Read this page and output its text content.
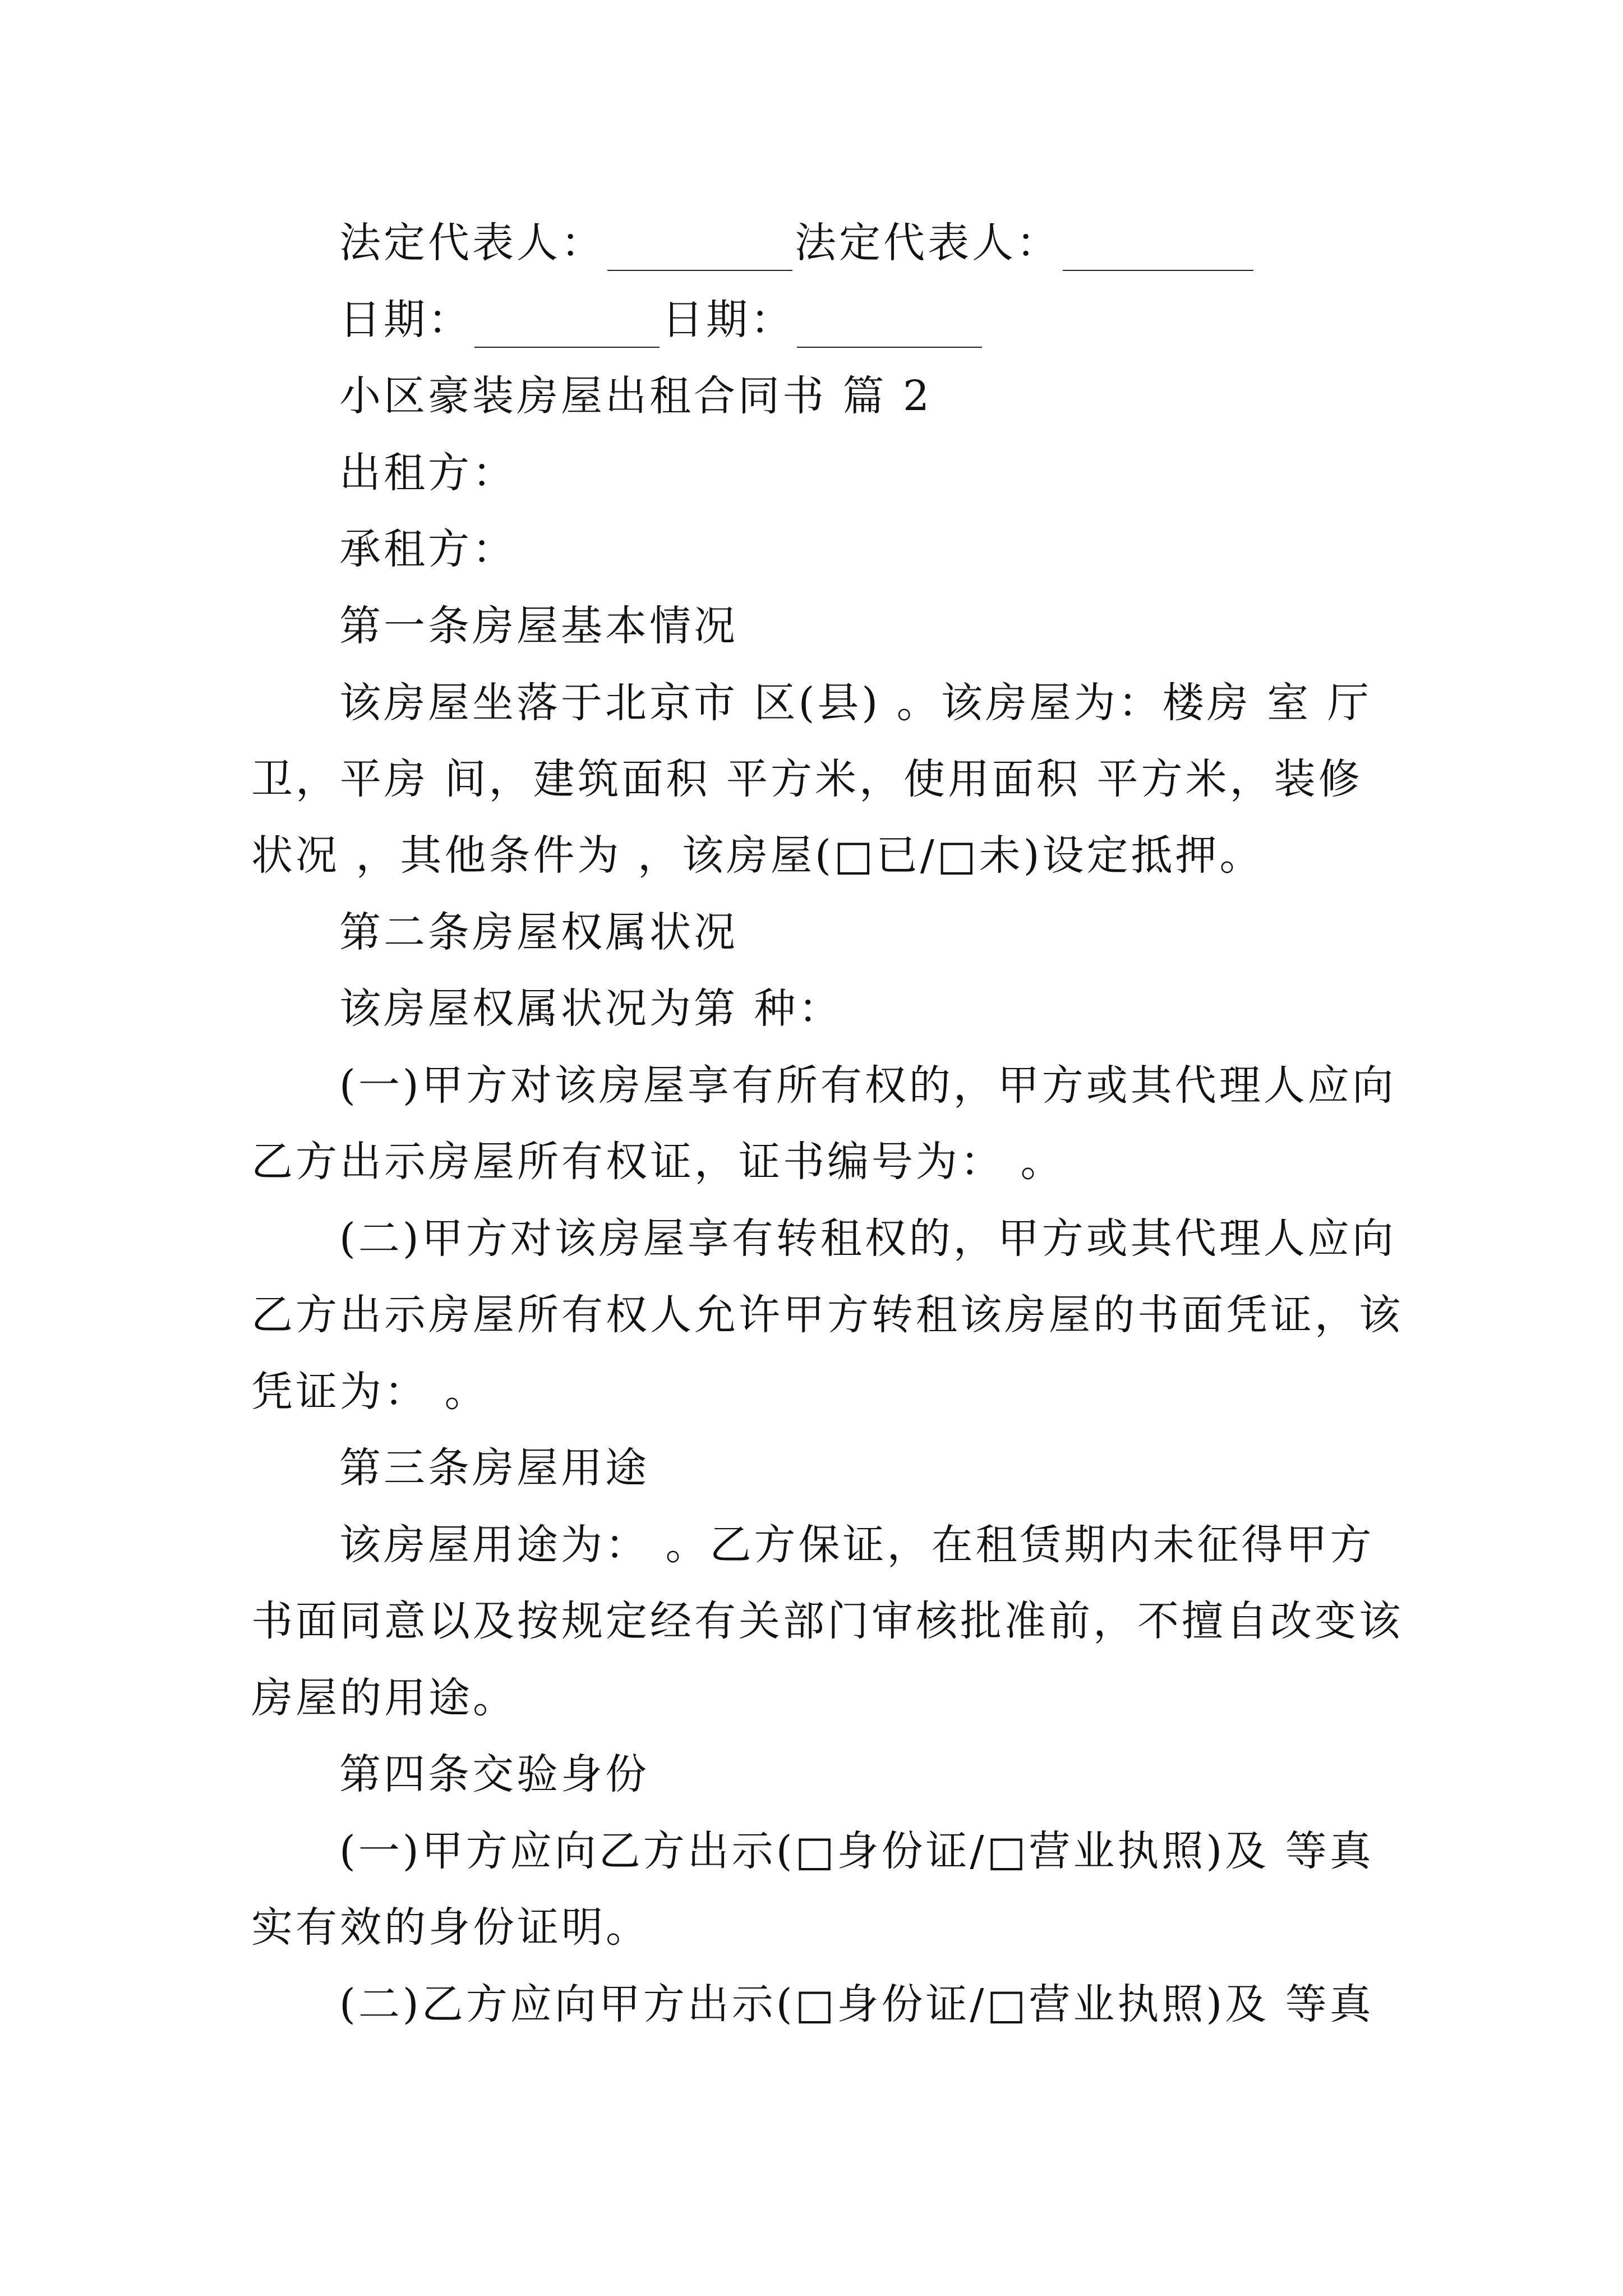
法定代表人：	法定代表人：
日期：	日期：
小区豪装房屋出租合同书 篇 2
出租方：
承租方：
第一条房屋基本情况
该房屋坐落于北京市 区(县) 。该房屋为：楼房 室 厅
卫，平房 间，建筑面积 平方米，使用面积 平方米，装修
状况 ，其他条件为 ，该房屋(□已/□未)设定抵押。
第二条房屋权属状况
该房屋权属状况为第 种：
(一)甲方对该房屋享有所有权的，甲方或其代理人应向
乙方出示房屋所有权证，证书编号为： 。
(二)甲方对该房屋享有转租权的，甲方或其代理人应向
乙方出示房屋所有权人允许甲方转租该房屋的书面凭证，该
凭证为： 。
第三条房屋用途
该房屋用途为： 。乙方保证，在租赁期内未征得甲方
书面同意以及按规定经有关部门审核批准前，不擅自改变该
房屋的用途。
第四条交验身份
(一)甲方应向乙方出示(□身份证/□营业执照)及 等真
实有效的身份证明。
(二)乙方应向甲方出示(□身份证/□营业执照)及 等真
